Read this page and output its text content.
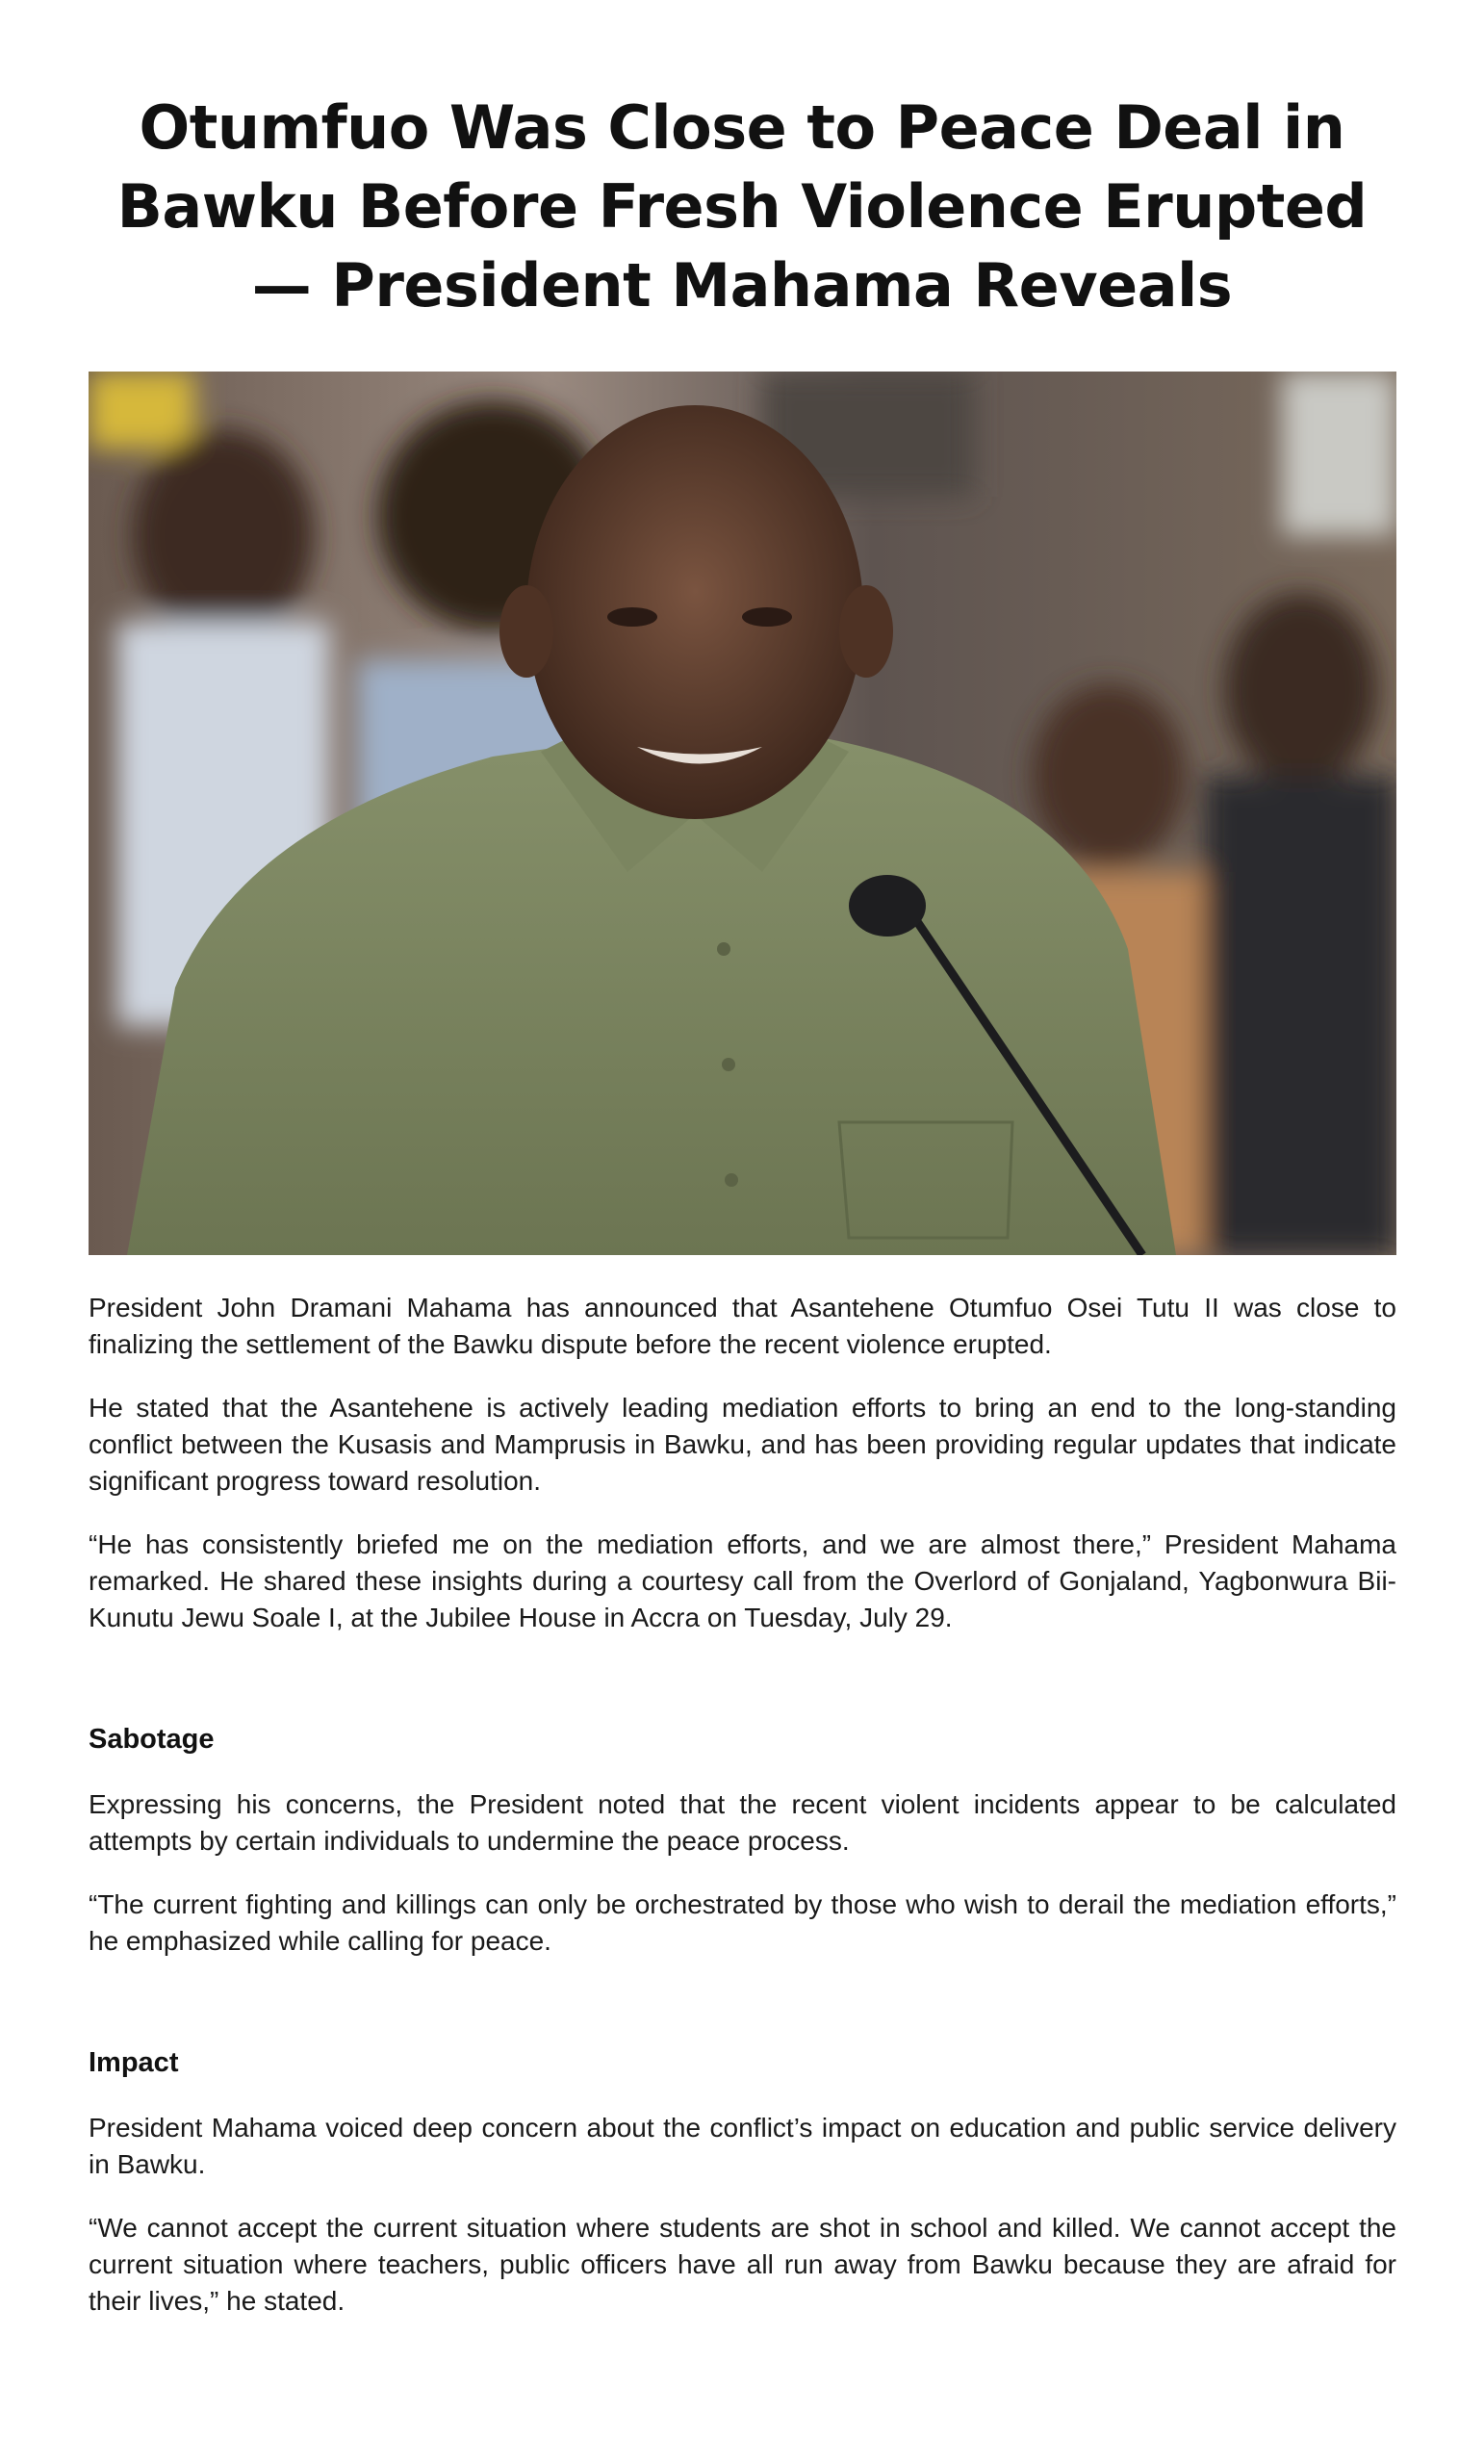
Otumfuo Was Close to Peace Deal in
Bawku Before Fresh Violence Erupted
— President Mahama Reveals

President John Dramani Mahama has announced that Asantehene Otumfuo Osei Tutu II was close to finalizing the settlement of the Bawku dispute before the recent violence erupted.

He stated that the Asantehene is actively leading mediation efforts to bring an end to the long-standing conflict between the Kusasis and Mamprusis in Bawku, and has been providing regular updates that indicate significant progress toward resolution.

“He has consistently briefed me on the mediation efforts, and we are almost there,” President Mahama remarked. He shared these insights during a courtesy call from the Overlord of Gonjaland, Yagbonwura Bii-Kunutu Jewu Soale I, at the Jubilee House in Accra on Tuesday, July 29.

Sabotage

Expressing his concerns, the President noted that the recent violent incidents appear to be calculated attempts by certain individuals to undermine the peace process.

“The current fighting and killings can only be orchestrated by those who wish to derail the mediation efforts,” he emphasized while calling for peace.

Impact

President Mahama voiced deep concern about the conflict’s impact on education and public service delivery in Bawku.

“We cannot accept the current situation where students are shot in school and killed. We cannot accept the current situation where teachers, public officers have all run away from Bawku because they are afraid for their lives,” he stated.
